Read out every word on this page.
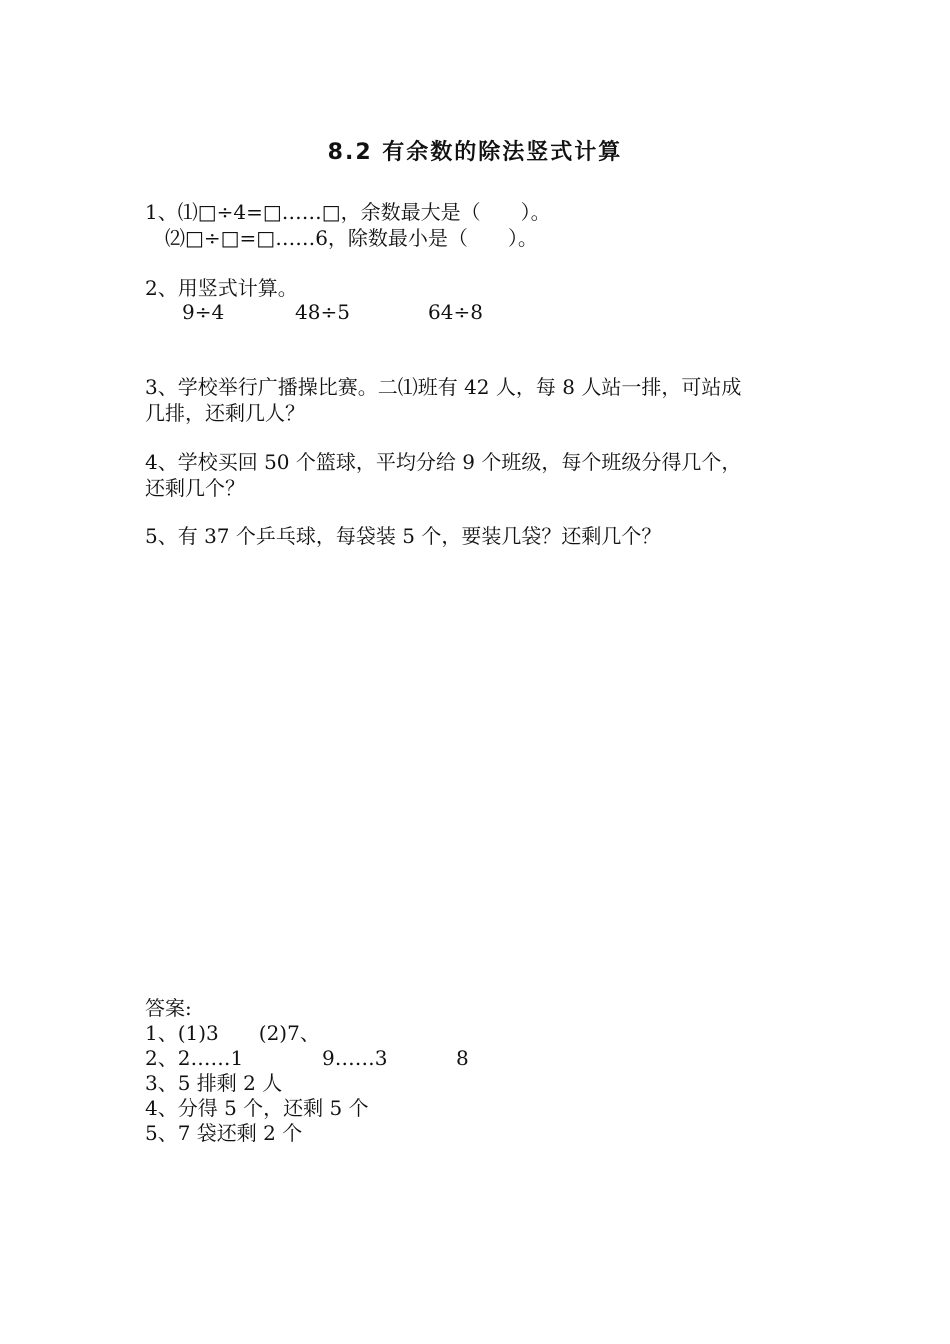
8.2 有余数的除法竖式计算
1、⑴□÷4=□……□，余数最大是（　　）。
⑵□÷□=□……6，除数最小是（　　）。
2、用竖式计算。
9÷4	48÷5	64÷8
3、学校举行广播操比赛。二⑴班有 42 人，每 8 人站一排，可站成
几排，还剩几人？
4、学校买回 50 个篮球，平均分给 9 个班级，每个班级分得几个，
还剩几个？
5、有 37 个乒乓球，每袋装 5 个，要装几袋？还剩几个？
答案:
1、(1)3　　(2)7、
2、2……1	9……3	8
3、5 排剩 2 人
4、分得 5 个，还剩 5 个
5、7 袋还剩 2 个
